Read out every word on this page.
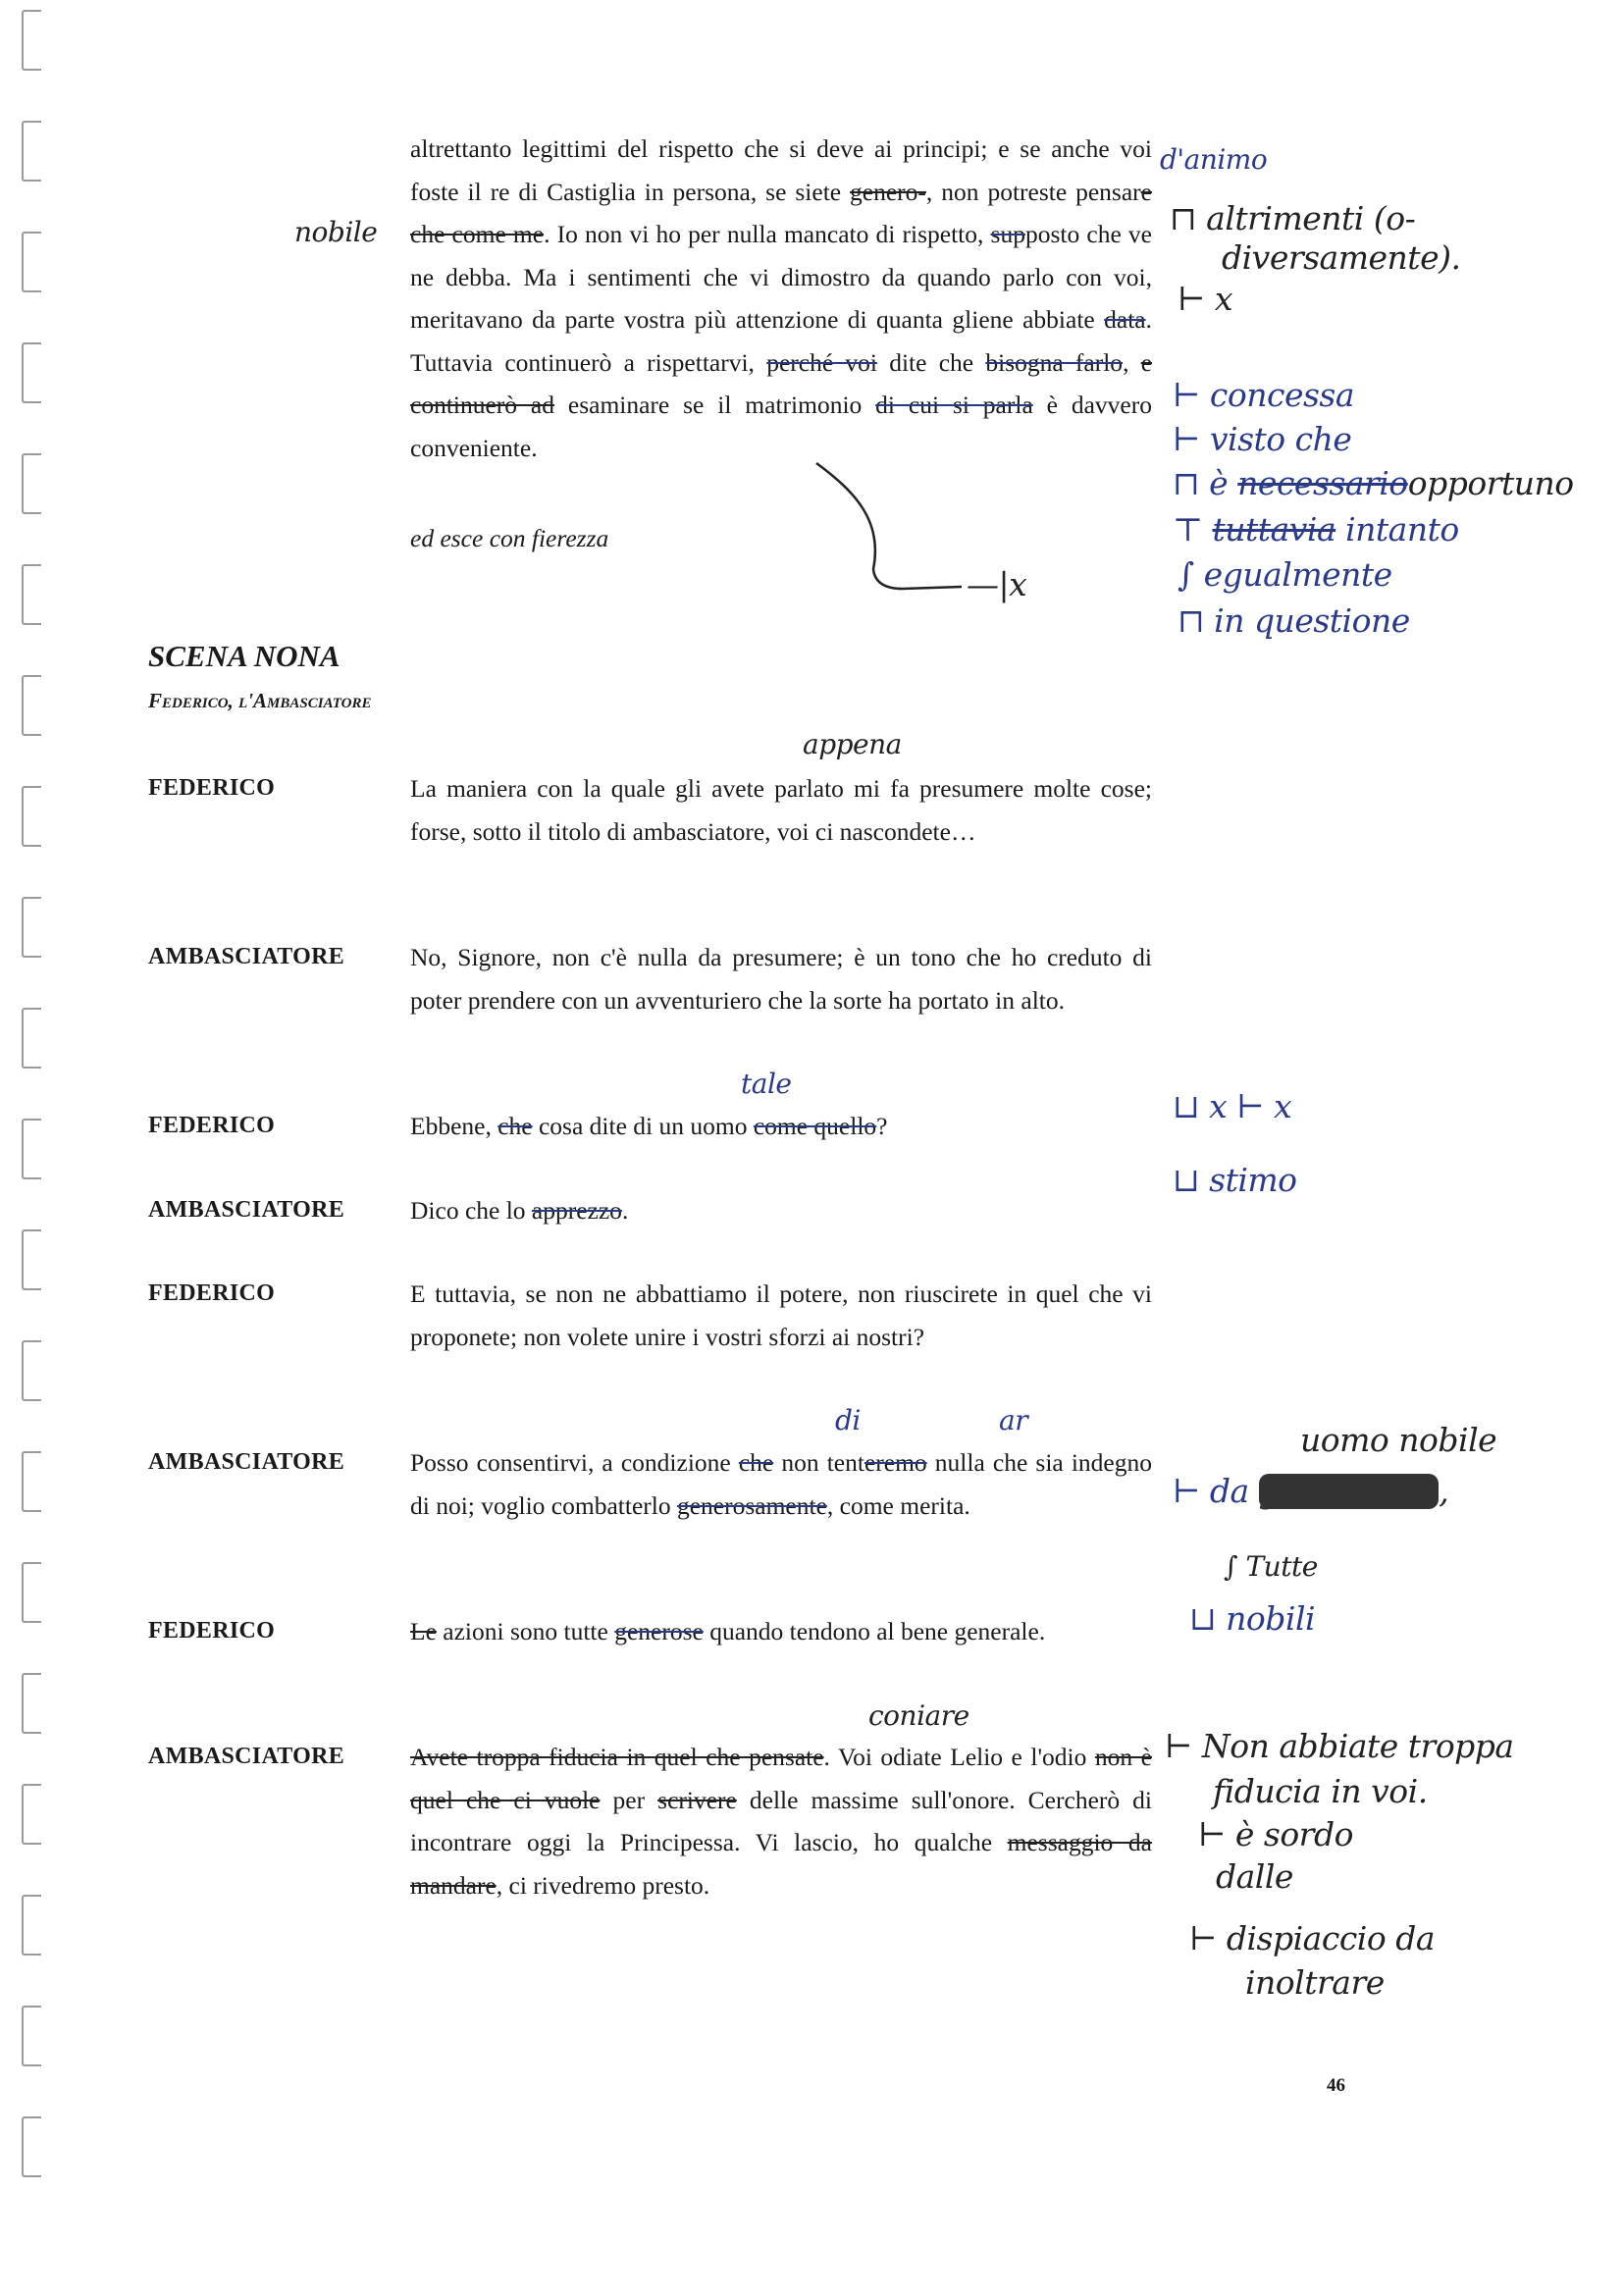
altrettanto legittimi del rispetto che si deve ai principi; e se anche voi foste il re di Castiglia in persona, se siete genero-, non potreste pensare che come me. Io non vi ho per nulla mancato di rispetto, supposto che ve ne debba. Ma i sentimenti che vi dimostro da quando parlo con voi, meritavano da parte vostra più attenzione di quanta gliene abbiate data. Tuttavia continuerò a rispettarvi, perché voi dite che bisogna farlo, e continuerò ad esaminare se il matrimonio di cui si parla è davvero conveniente.
ed esce con fierezza
SCENA NONA
Federico, l'Ambasciatore
FEDERICO	La maniera con la quale gli avete parlato mi fa presumere molte cose; forse, sotto il titolo di ambasciatore, voi ci nascondete…
AMBASCIATORE	No, Signore, non c'è nulla da presumere; è un tono che ho creduto di poter prendere con un avventuriero che la sorte ha portato in alto.
FEDERICO	Ebbene, che cosa dite di un uomo come quello?
AMBASCIATORE	Dico che lo apprezzo.
FEDERICO	E tuttavia, se non ne abbattiamo il potere, non riuscirete in quel che vi proponete; non volete unire i vostri sforzi ai nostri?
AMBASCIATORE	Posso consentirvi, a condizione che non tenteremo nulla che sia indegno di noi; voglio combatterlo generosamente, come merita.
FEDERICO	Le azioni sono tutte generose quando tendono al bene generale.
AMBASCIATORE	Avete troppa fiducia in quel che pensate. Voi odiate Lelio e l'odio non è quel che ci vuole per scrivere delle massime sull'onore. Cercherò di incontrare oggi la Principessa. Vi lascio, ho qualche messaggio da mandare, ci rivedremo presto.
46
d'animo
nobile	⊓ altrimenti (o-
diversamente).
⊢ x
⊢ concessa
⊢ visto che
⊓ è necessarioopportuno
⊤ tuttavia intanto
∫ egualmente
⊓ in questione
—|x
appena
tale
⊔ x ⊢ x
⊔ stimo
di	ar
uomo nobile
⊢ da gentiluomo,
∫ Tutte
⊔ nobili
coniare
⊢ Non abbiate troppa
fiducia in voi.
⊢ è sordo
dalle
⊢ dispiaccio da
inoltrare
